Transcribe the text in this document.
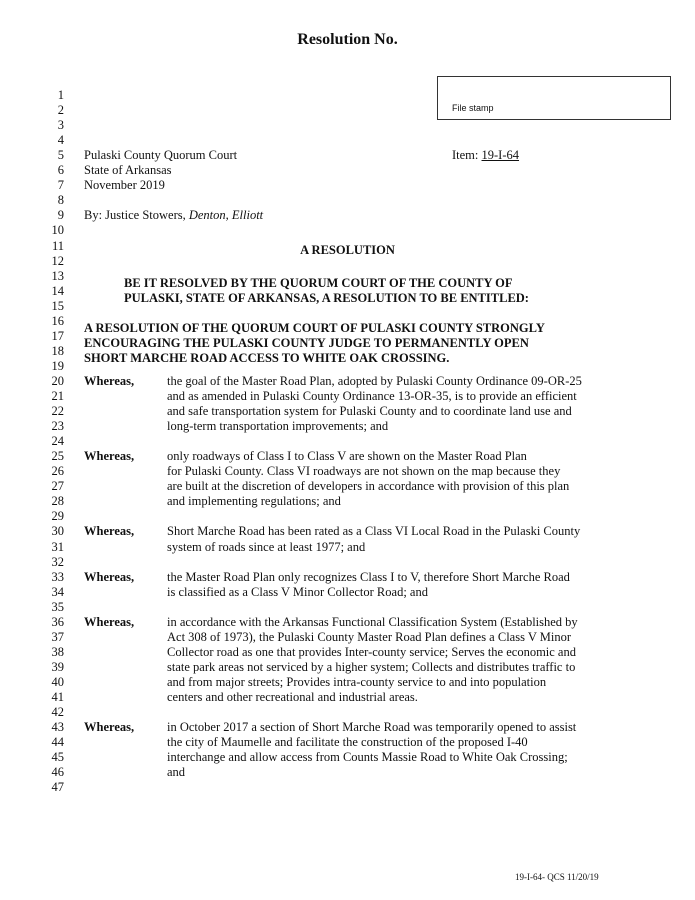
Resolution No.
File stamp
1
2
3
4
5
6
7
8
9
10
11
12
13
14
15
16
17
18
19
20
21
22
23
24
25
26
27
28
29
30
31
32
33
34
35
36
37
38
39
40
41
42
43
44
45
46
47
Pulaski County Quorum Court
State of Arkansas
November 2019
Item: 19-I-64
By: Justice Stowers, Denton, Elliott
A RESOLUTION
BE IT RESOLVED BY THE QUORUM COURT OF THE COUNTY OF
PULASKI, STATE OF ARKANSAS, A RESOLUTION TO BE ENTITLED:
A RESOLUTION OF THE QUORUM COURT OF PULASKI COUNTY STRONGLY
ENCOURAGING THE PULASKI COUNTY JUDGE TO PERMANENTLY OPEN
SHORT MARCHE ROAD ACCESS TO WHITE OAK CROSSING.
Whereas,	the goal of the Master Road Plan, adopted by Pulaski County Ordinance 09-OR-25
and as amended in Pulaski County Ordinance 13-OR-35, is to provide an efficient
and safe transportation system for Pulaski County and to coordinate land use and
long-term transportation improvements; and
Whereas,	only roadways of Class I to Class V are shown on the Master Road Plan
for Pulaski County. Class VI roadways are not shown on the map because they
are built at the discretion of developers in accordance with provision of this plan
and implementing regulations; and
Whereas,	Short Marche Road has been rated as a Class VI Local Road in the Pulaski County
system of roads since at least 1977; and
Whereas,	the Master Road Plan only recognizes Class I to V, therefore Short Marche Road
is classified as a Class V Minor Collector Road; and
Whereas,	in accordance with the Arkansas Functional Classification System (Established by
Act 308 of 1973), the Pulaski County Master Road Plan defines a Class V Minor
Collector road as one that provides Inter-county service; Serves the economic and
state park areas not serviced by a higher system; Collects and distributes traffic to
and from major streets; Provides intra-county service to and into population
centers and other recreational and industrial areas.
Whereas,	in October 2017 a section of Short Marche Road was temporarily opened to assist
the city of Maumelle and facilitate the construction of the proposed I-40
interchange and allow access from Counts Massie Road to White Oak Crossing;
and
19-I-64- QCS 11/20/19
